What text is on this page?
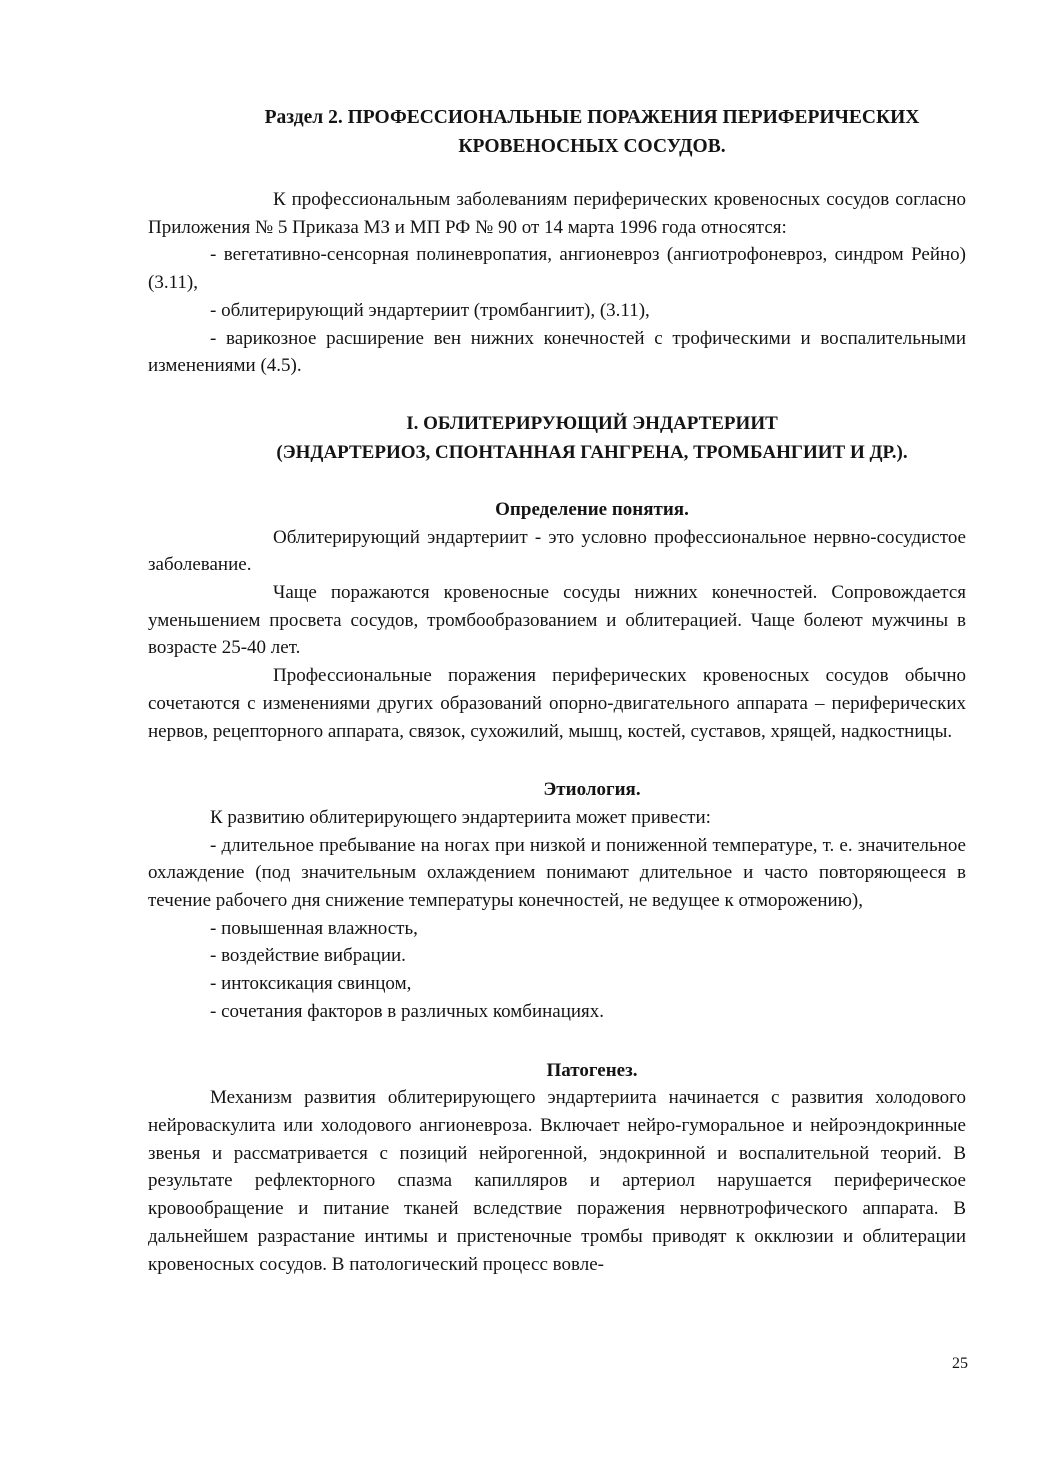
Раздел 2. ПРОФЕССИОНАЛЬНЫЕ ПОРАЖЕНИЯ ПЕРИФЕРИЧЕСКИХ
КРОВЕНОСНЫХ СОСУДОВ.

К профессиональным заболеваниям периферических кровеносных сосудов согласно Приложения № 5 Приказа МЗ и МП РФ № 90 от 14 марта 1996 года относятся:

- вегетативно-сенсорная полиневропатия, ангионевроз (ангиотрофоневроз, синдром Рейно) (3.11),

- облитерирующий эндартериит (тромбангиит), (3.11),

- варикозное расширение вен нижних конечностей с трофическими и воспалительными изменениями (4.5).

I. ОБЛИТЕРИРУЮЩИЙ ЭНДАРТЕРИИТ
(ЭНДАРТЕРИОЗ, СПОНТАННАЯ ГАНГРЕНА, ТРОМБАНГИИТ И ДР.).
Определение понятия.

Облитерирующий эндартериит - это условно профессиональное нервно-сосудистое заболевание.

Чаще поражаются кровеносные сосуды нижних конечностей. Сопровождается уменьшением просвета сосудов, тромбообразованием и облитерацией. Чаще болеют мужчины в возрасте 25-40 лет.

Профессиональные поражения периферических кровеносных сосудов обычно сочетаются с изменениями других образований опорно-двигательного аппарата – периферических нервов, рецепторного аппарата, связок, сухожилий, мышц, костей, суставов, хрящей, надкостницы.

Этиология.

К развитию облитерирующего эндартериита может привести:

- длительное пребывание на ногах при низкой и пониженной температуре, т. е. значительное охлаждение (под значительным охлаждением понимают длительное и часто повторяющееся в течение рабочего дня снижение температуры конечностей, не ведущее к отморожению),

- повышенная влажность,

- воздействие вибрации.

- интоксикация свинцом,

- сочетания факторов в различных комбинациях.

Патогенез.

Механизм развития облитерирующего эндартериита начинается с развития холодового нейроваскулита или холодового ангионевроза. Включает нейро-гуморальное и нейроэндокринные звенья и рассматривается с позиций нейрогенной, эндокринной и воспалительной теорий. В результате рефлекторного спазма капилляров и артериол нарушается периферическое кровообращение и питание тканей вследствие поражения нервнотрофического аппарата. В дальнейшем разрастание интимы и пристеночные тромбы приводят к окклюзии и облитерации кровеносных сосудов. В патологический процесс вовле-

25
